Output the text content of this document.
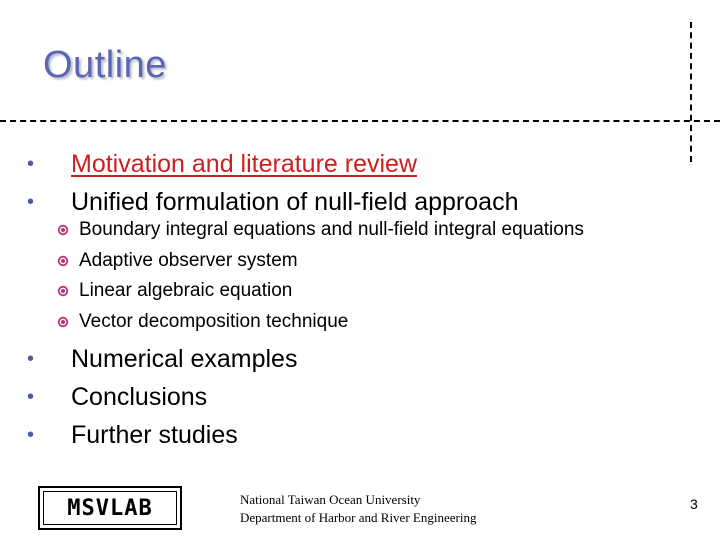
Outline
• Motivation and literature review
• Unified formulation of null-field approach
Boundary integral equations and null-field integral equations
Adaptive observer system
Linear algebraic equation
Vector decomposition technique
• Numerical examples
• Conclusions
• Further studies
MSVLAB	National Taiwan Ocean University
Department of Harbor and River Engineering
3
